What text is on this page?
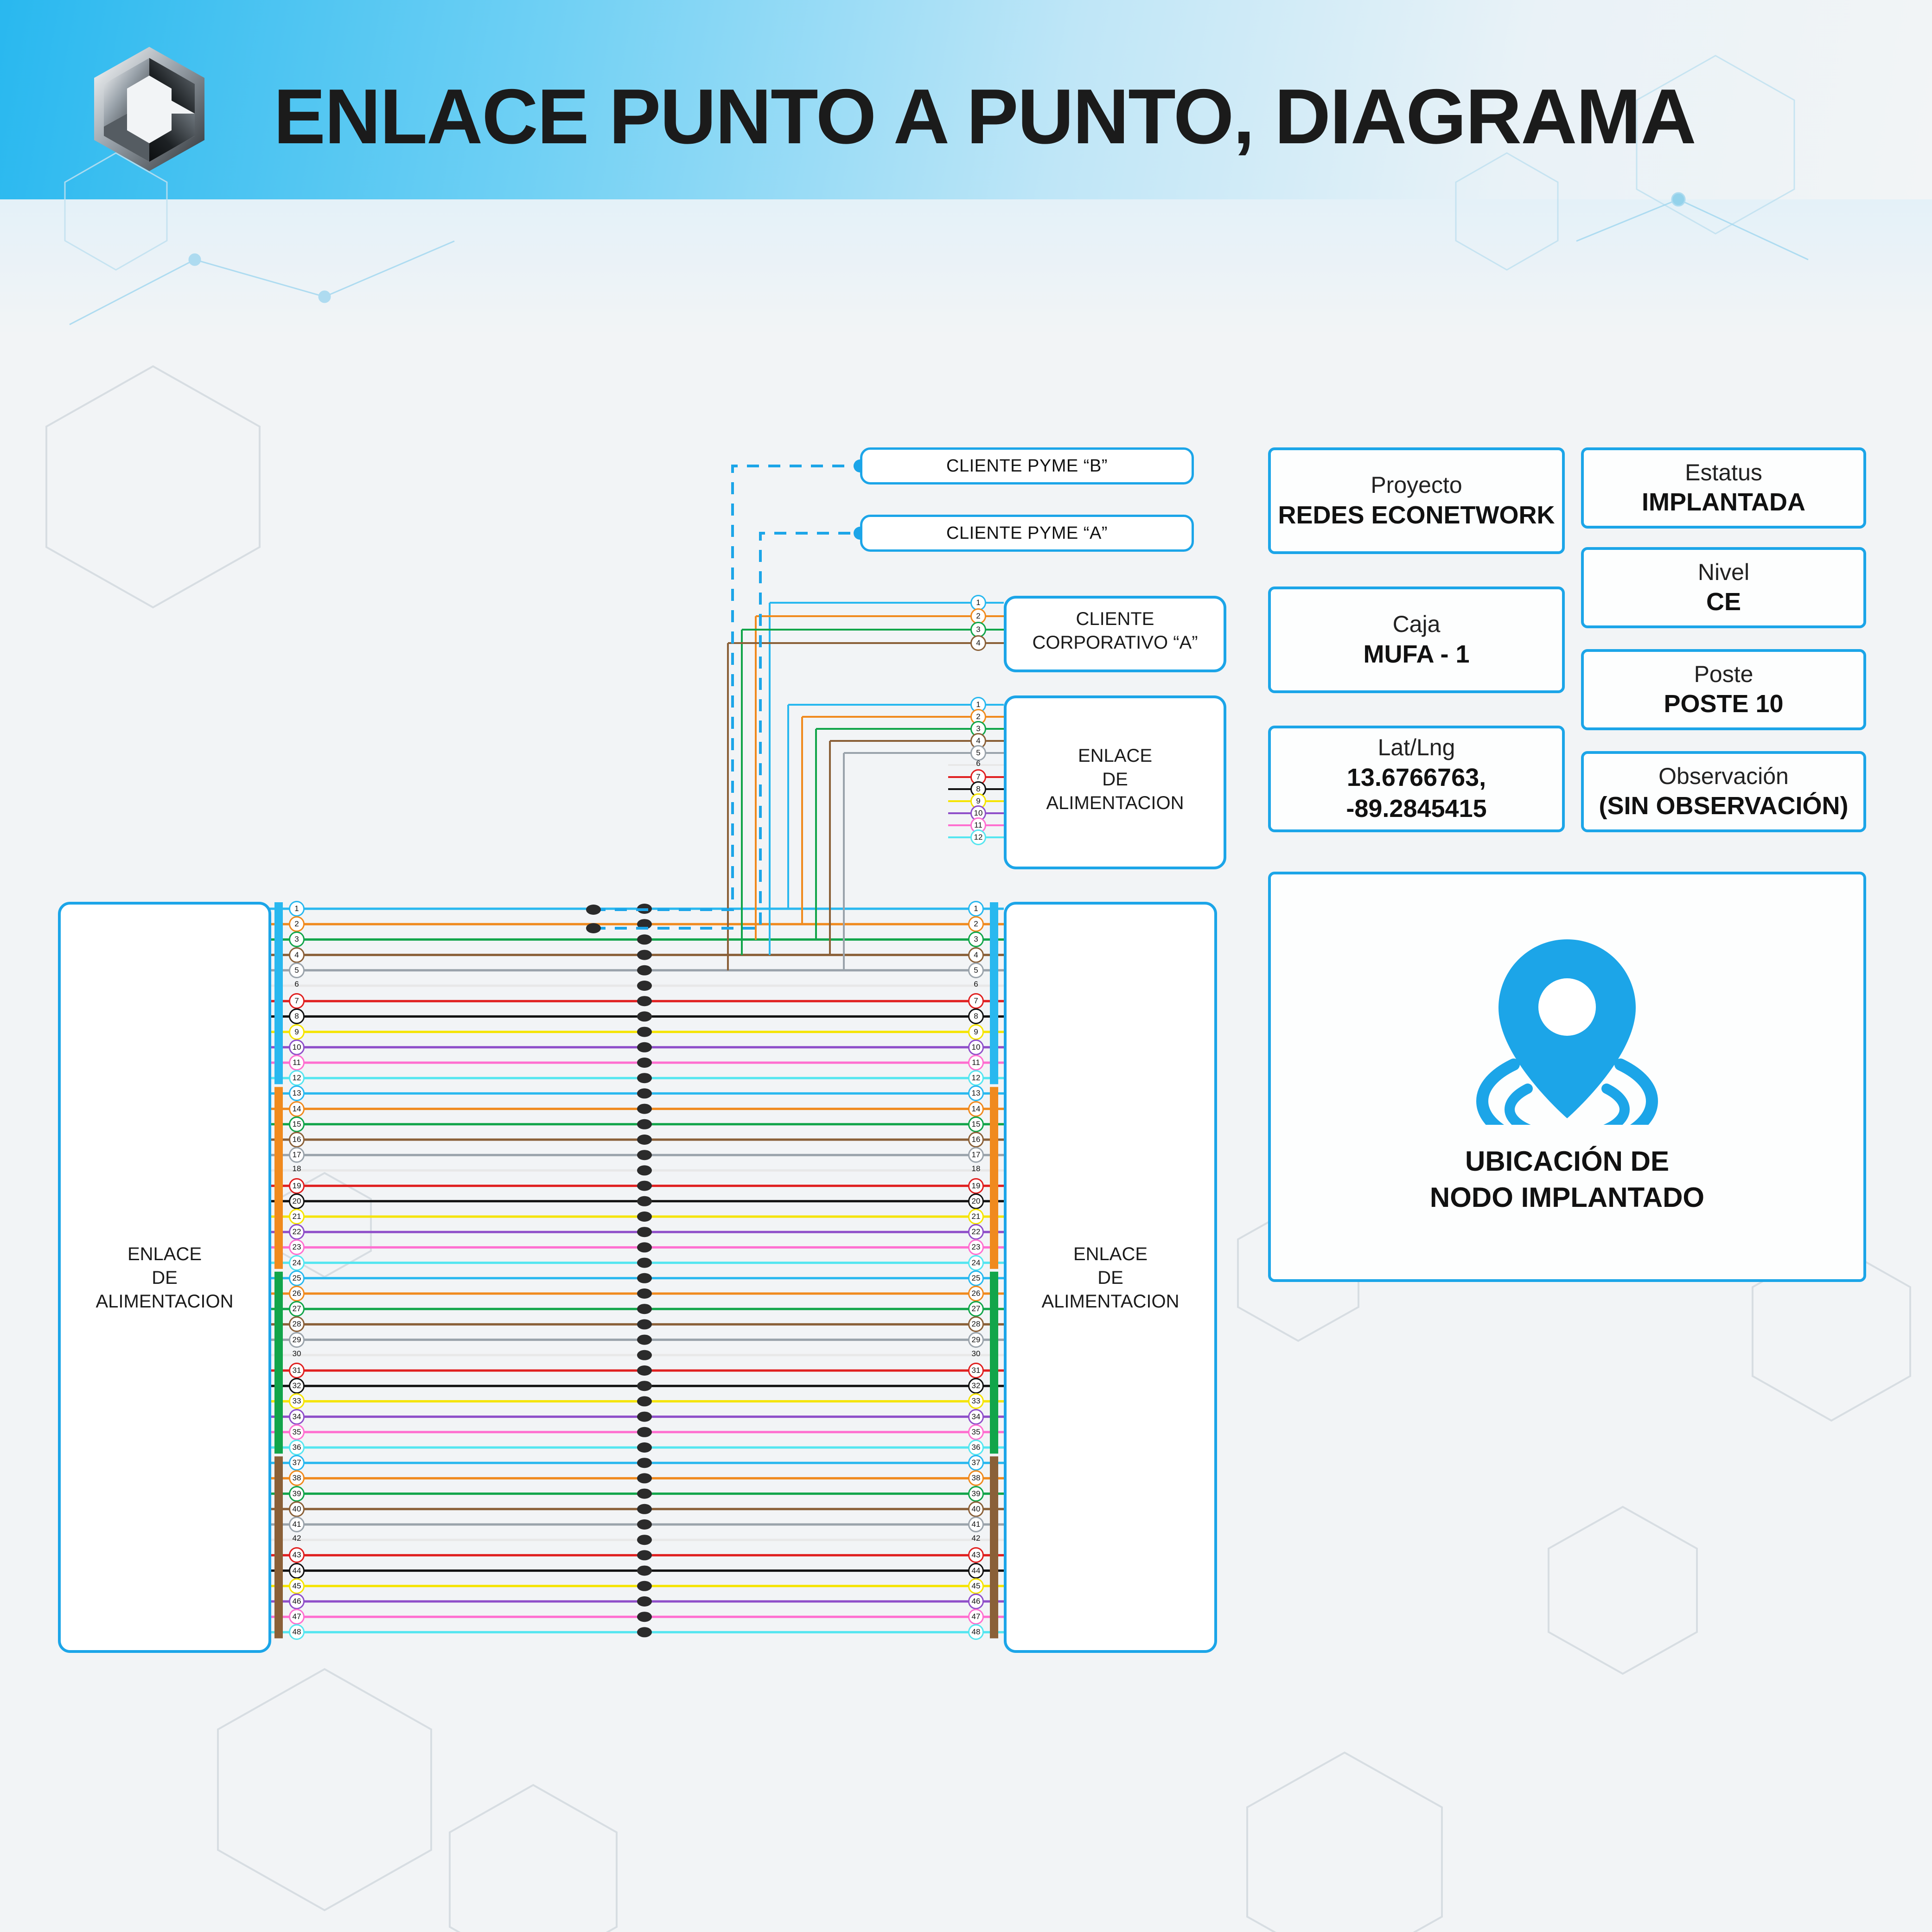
ENLACE PUNTO A PUNTO, DIAGRAMA
ENLACE
DE
ALIMENTACION
ENLACE
DE
ALIMENTACION
ENLACE
DE
ALIMENTACION
CLIENTE
CORPORATIVO “A”
CLIENTE PYME “B”
CLIENTE PYME “A”
Proyecto
REDES ECONETWORK
Caja
MUFA - 1
Lat/Lng
13.6766763,
-89.2845415
Estatus
IMPLANTADA
Nivel
CE
Poste
POSTE 10
Observación
(SIN OBSERVACIÓN)
UBICACIÓN DE
NODO IMPLANTADO
1	1
2	2
3	3
4	4
5	5
6	6
7	7
8	8
9	9
10	10
11	11
12	12
13	13
14	14
15	15
16	16
17	17
18	18
19	19
20	20
21	21
22	22
23	23
24	24
25	25
26	26
27	27
28	28
29	29
30	30
31	31
32	32
33	33
34	34
35	35
36	36
37	37
38	38
39	39
40	40
41	41
42	42
43	43
44	44
45	45
46	46
47	47
48	48
1
2
3
4
5
6
7
8
9
10
11
12
1
2
3
4
